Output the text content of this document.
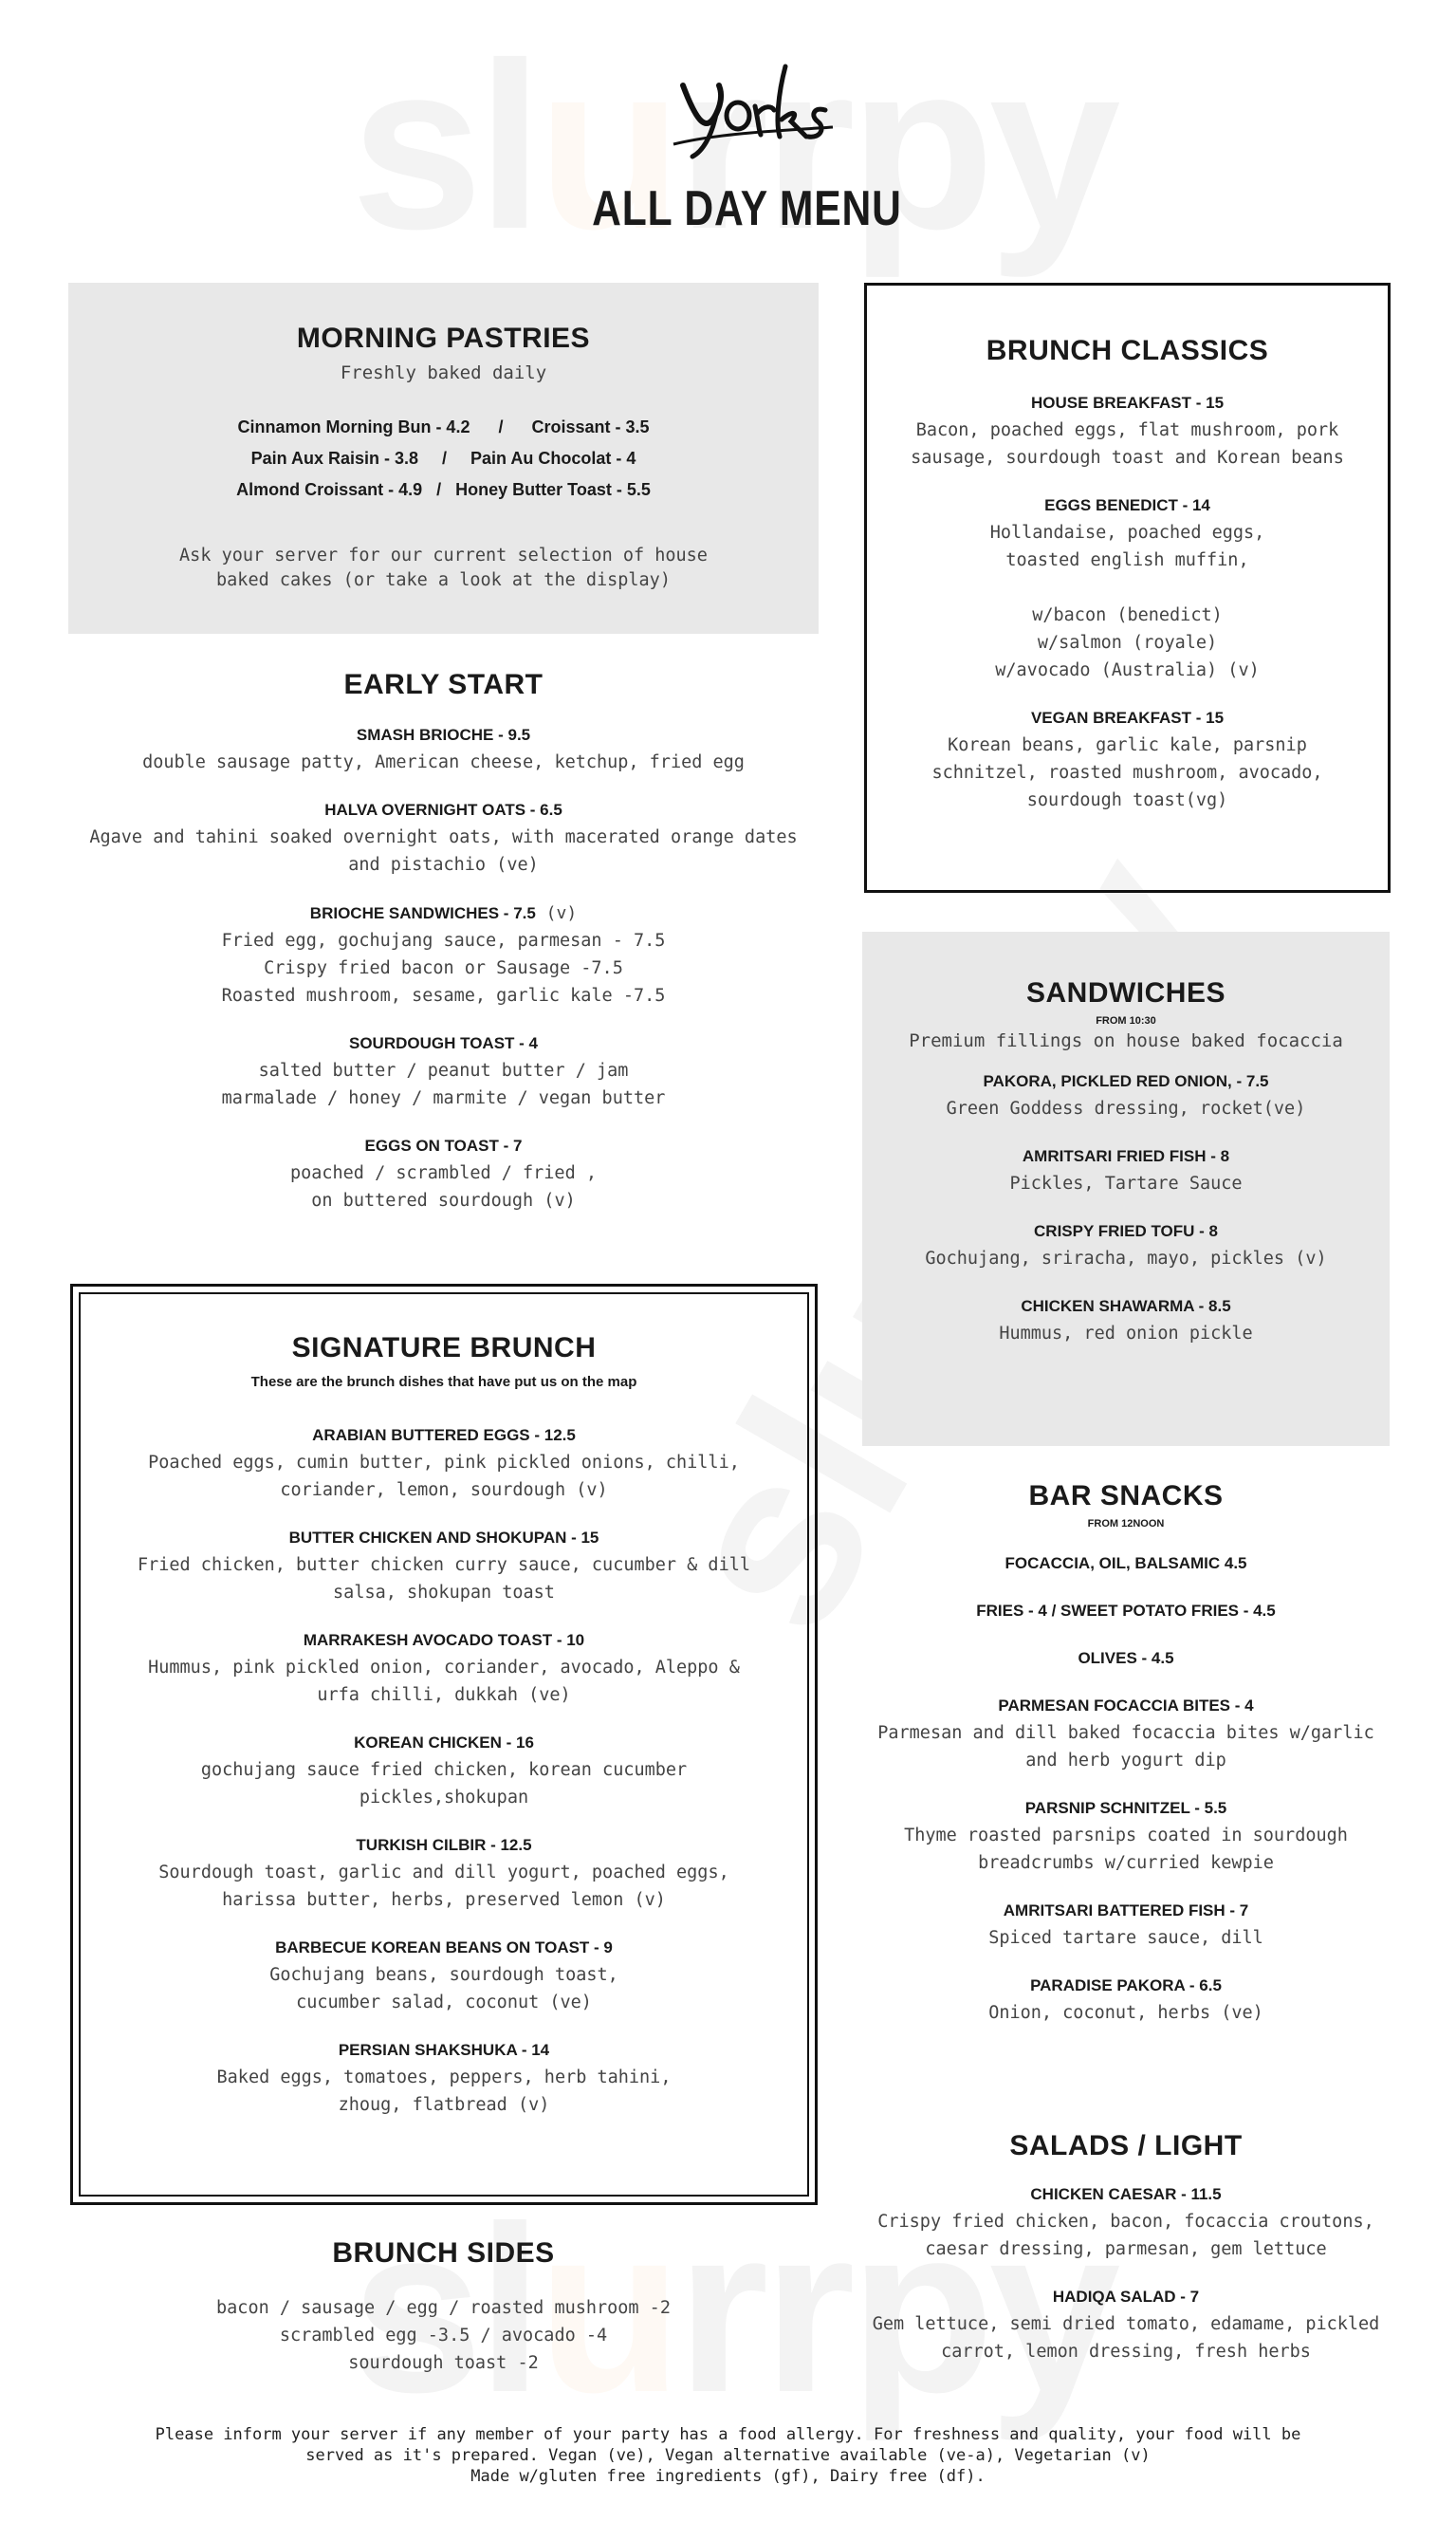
Yorks
ALL DAY MENU
MORNING PASTRIES
Freshly baked daily
Cinnamon Morning Bun - 4.2      /      Croissant - 3.5
Pain Aux Raisin - 3.8     /     Pain Au Chocolat - 4
Almond Croissant - 4.9   /   Honey Butter Toast - 5.5
Ask your server for our current selection of house
baked cakes (or take a look at the display)
EARLY START
SMASH BRIOCHE - 9.5
double sausage patty, American cheese, ketchup, fried egg
HALVA OVERNIGHT OATS - 6.5
Agave and tahini soaked overnight oats, with macerated orange dates
and pistachio (ve)
BRIOCHE SANDWICHES - 7.5 (v)
Fried egg, gochujang sauce, parmesan - 7.5
Crispy fried bacon or Sausage -7.5
Roasted mushroom, sesame, garlic kale -7.5
SOURDOUGH TOAST - 4
salted butter / peanut butter / jam
marmalade / honey / marmite / vegan butter
EGGS ON TOAST - 7
poached / scrambled / fried ,
on buttered sourdough (v)
SIGNATURE BRUNCH
These are the brunch dishes that have put us on the map
ARABIAN BUTTERED EGGS - 12.5
Poached eggs, cumin butter, pink pickled onions, chilli,
coriander, lemon, sourdough (v)
BUTTER CHICKEN AND SHOKUPAN - 15
Fried chicken, butter chicken curry sauce, cucumber & dill
salsa, shokupan toast
MARRAKESH AVOCADO TOAST - 10
Hummus, pink pickled onion, coriander, avocado, Aleppo &
urfa chilli, dukkah (ve)
KOREAN CHICKEN - 16
gochujang sauce fried chicken, korean cucumber
pickles,shokupan
TURKISH CILBIR - 12.5
Sourdough toast, garlic and dill yogurt, poached eggs,
harissa butter, herbs, preserved lemon (v)
BARBECUE KOREAN BEANS ON TOAST - 9
Gochujang beans, sourdough toast,
cucumber salad, coconut (ve)
PERSIAN SHAKSHUKA - 14
Baked eggs, tomatoes, peppers, herb tahini,
zhoug, flatbread (v)
BRUNCH SIDES
bacon / sausage / egg / roasted mushroom -2
scrambled egg -3.5 / avocado -4
sourdough toast -2
BRUNCH CLASSICS
HOUSE BREAKFAST - 15
Bacon, poached eggs, flat mushroom, pork
sausage, sourdough toast and Korean beans
EGGS BENEDICT - 14
Hollandaise, poached eggs,
toasted english muffin,

w/bacon (benedict)
w/salmon (royale)
w/avocado (Australia) (v)
VEGAN BREAKFAST - 15
Korean beans, garlic kale, parsnip
schnitzel, roasted mushroom, avocado,
sourdough toast(vg)
SANDWICHES
FROM 10:30
Premium fillings on house baked focaccia
PAKORA, PICKLED RED ONION, - 7.5
Green Goddess dressing, rocket(ve)
AMRITSARI FRIED FISH - 8
Pickles, Tartare Sauce
CRISPY FRIED TOFU - 8
Gochujang, sriracha, mayo, pickles (v)
CHICKEN SHAWARMA - 8.5
Hummus, red onion pickle
BAR SNACKS
FROM 12NOON
FOCACCIA, OIL, BALSAMIC 4.5
FRIES - 4 / SWEET POTATO FRIES - 4.5
OLIVES - 4.5
PARMESAN FOCACCIA BITES - 4
Parmesan and dill baked focaccia bites w/garlic
and herb yogurt dip
PARSNIP SCHNITZEL - 5.5
Thyme roasted parsnips coated in sourdough
breadcrumbs w/curried kewpie
AMRITSARI BATTERED FISH - 7
Spiced tartare sauce, dill
PARADISE PAKORA - 6.5
Onion, coconut, herbs (ve)
SALADS / LIGHT
CHICKEN CAESAR - 11.5
Crispy fried chicken, bacon, focaccia croutons,
caesar dressing, parmesan, gem lettuce
HADIQA SALAD - 7
Gem lettuce, semi dried tomato, edamame, pickled
carrot, lemon dressing, fresh herbs
Please inform your server if any member of your party has a food allergy. For freshness and quality, your food will be
served as it's prepared. Vegan (ve), Vegan alternative available (ve-a), Vegetarian (v)
Made w/gluten free ingredients (gf), Dairy free (df).
